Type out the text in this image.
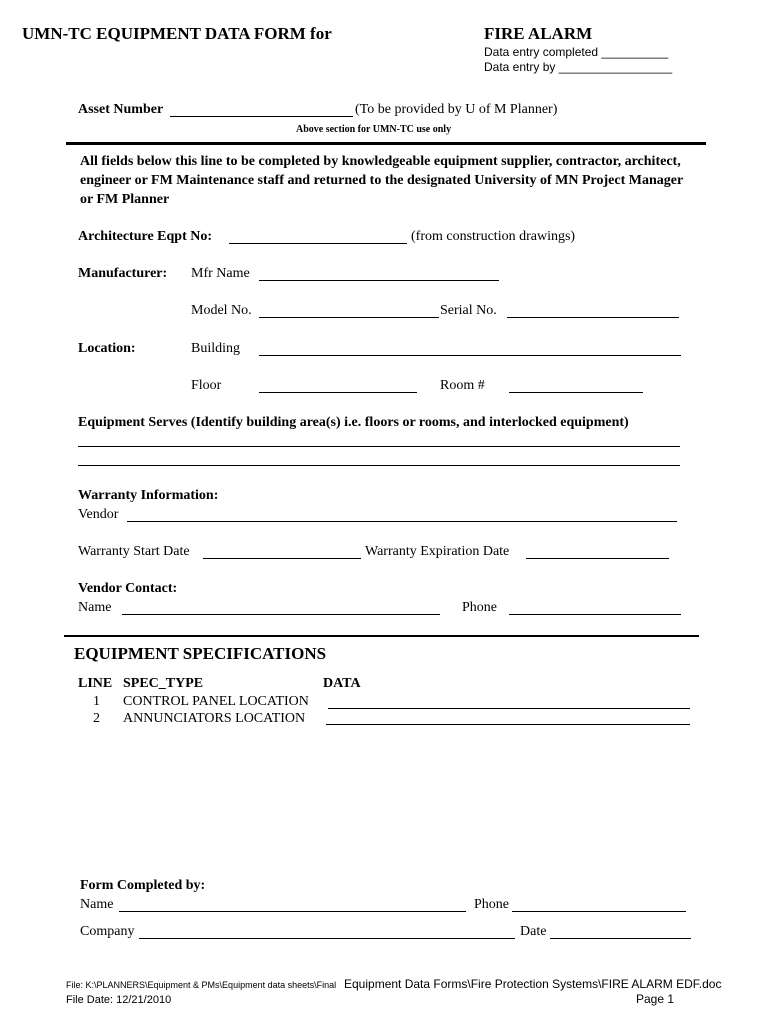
UMN-TC EQUIPMENT DATA FORM for	FIRE ALARM
Data entry completed __________
Data entry by _________________
Asset Number	(To be provided by U of M Planner)
Above section for UMN-TC use only
All fields below this line to be completed by knowledgeable equipment supplier, contractor, architect,
engineer or FM Maintenance staff and returned to the designated University of MN Project Manager
or FM Planner
Architecture Eqpt No:	(from construction drawings)
Manufacturer: Mfr Name
Model No.	Serial No.
Location:	Building
Floor	Room #
Equipment Serves (Identify building area(s) i.e. floors or rooms, and interlocked equipment)
Warranty Information:
Vendor
Warranty Start Date	Warranty Expiration Date
Vendor Contact:
Name	Phone
EQUIPMENT SPECIFICATIONS
LINE SPEC_TYPE	DATA
1 CONTROL PANEL LOCATION
2 ANNUNCIATORS LOCATION
Form Completed by:
Name	Phone
Company	Date
File: K:\PLANNERS\Equipment & PMs\Equipment data sheets\Final Equipment Data Forms\Fire Protection Systems\FIRE ALARM EDF.doc
File Date: 12/21/2010	Page 1
